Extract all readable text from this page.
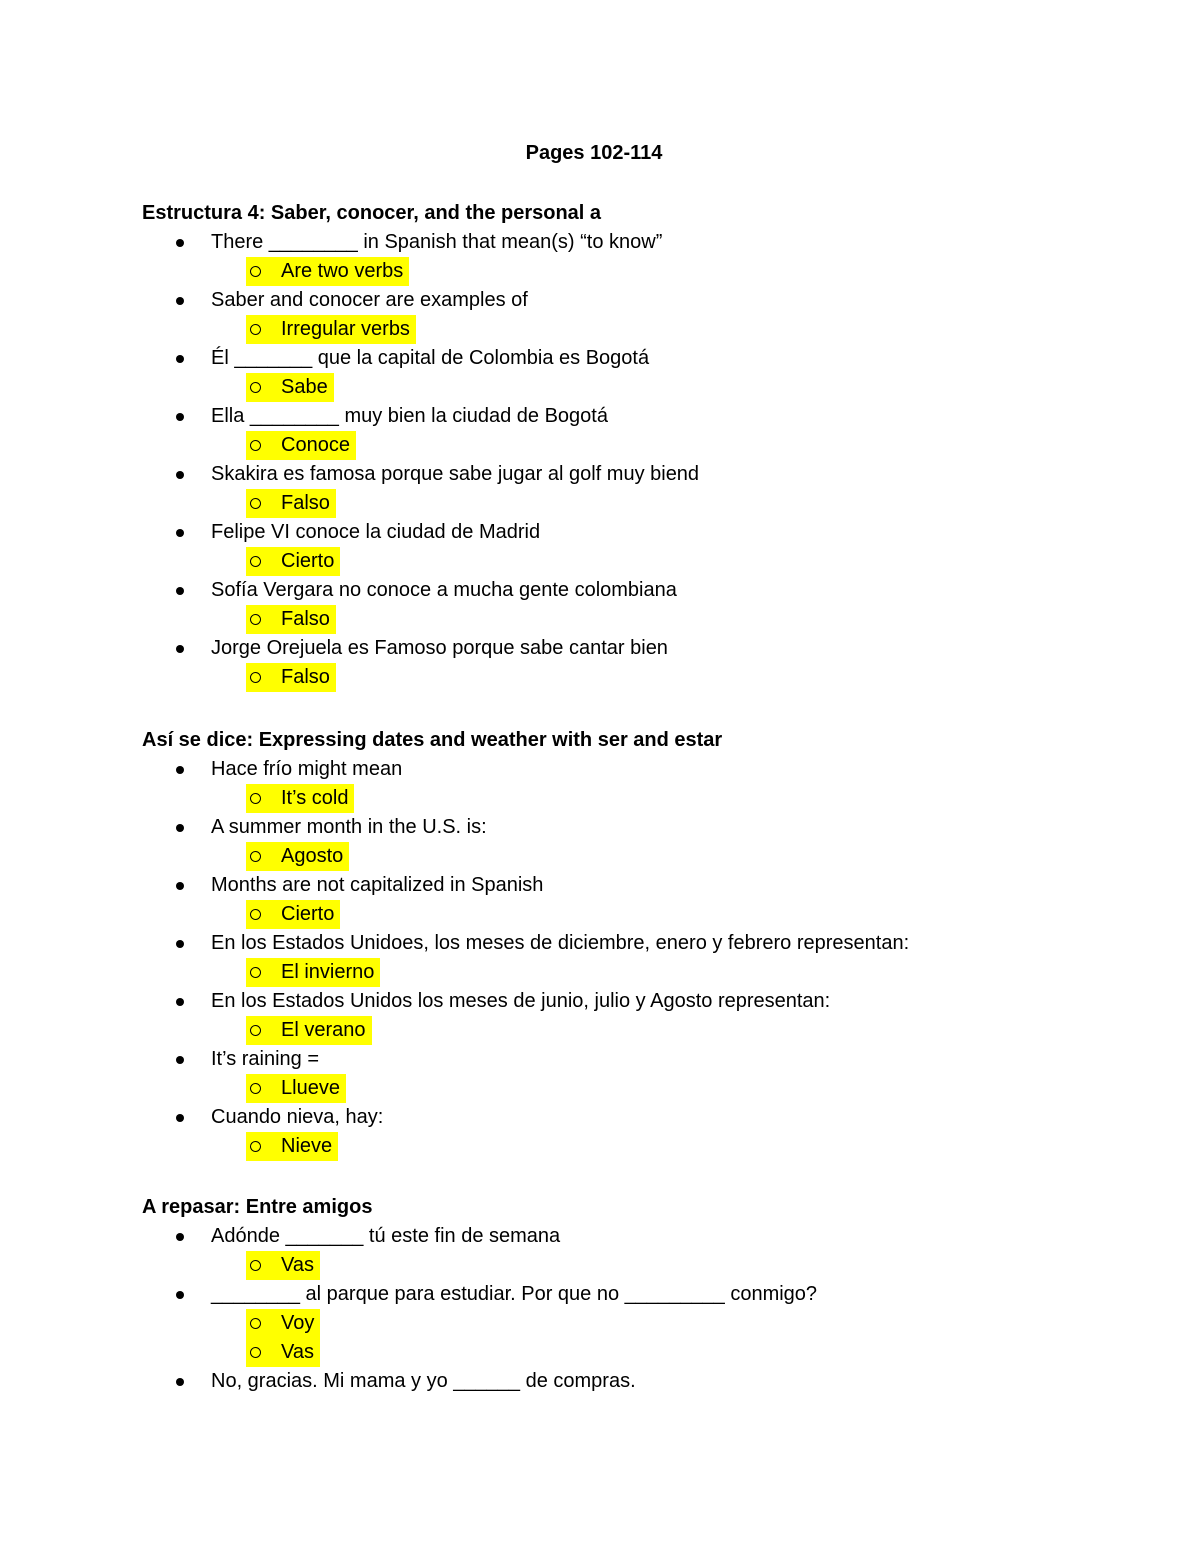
Pages 102-114
Estructura 4: Saber, conocer, and the personal a
There ________ in Spanish that mean(s) “to know”
Are two verbs
Saber and conocer are examples of
Irregular verbs
Él _______ que la capital de Colombia es Bogotá
Sabe
Ella ________ muy bien la ciudad de Bogotá
Conoce
Skakira es famosa porque sabe jugar al golf muy biend
Falso
Felipe VI conoce la ciudad de Madrid
Cierto
Sofía Vergara no conoce a mucha gente colombiana
Falso
Jorge Orejuela es Famoso porque sabe cantar bien
Falso
Así se dice: Expressing dates and weather with ser and estar
Hace frío might mean
It’s cold
A summer month in the U.S. is:
Agosto
Months are not capitalized in Spanish
Cierto
En los Estados Unidoes, los meses de diciembre, enero y febrero representan:
El invierno
En los Estados Unidos los meses de junio, julio y Agosto representan:
El verano
It’s raining =
Llueve
Cuando nieva, hay:
Nieve
A repasar: Entre amigos
Adónde _______ tú este fin de semana
Vas
________ al parque para estudiar. Por que no _________ conmigo?
Voy
Vas
No, gracias. Mi mama y yo ______ de compras.
